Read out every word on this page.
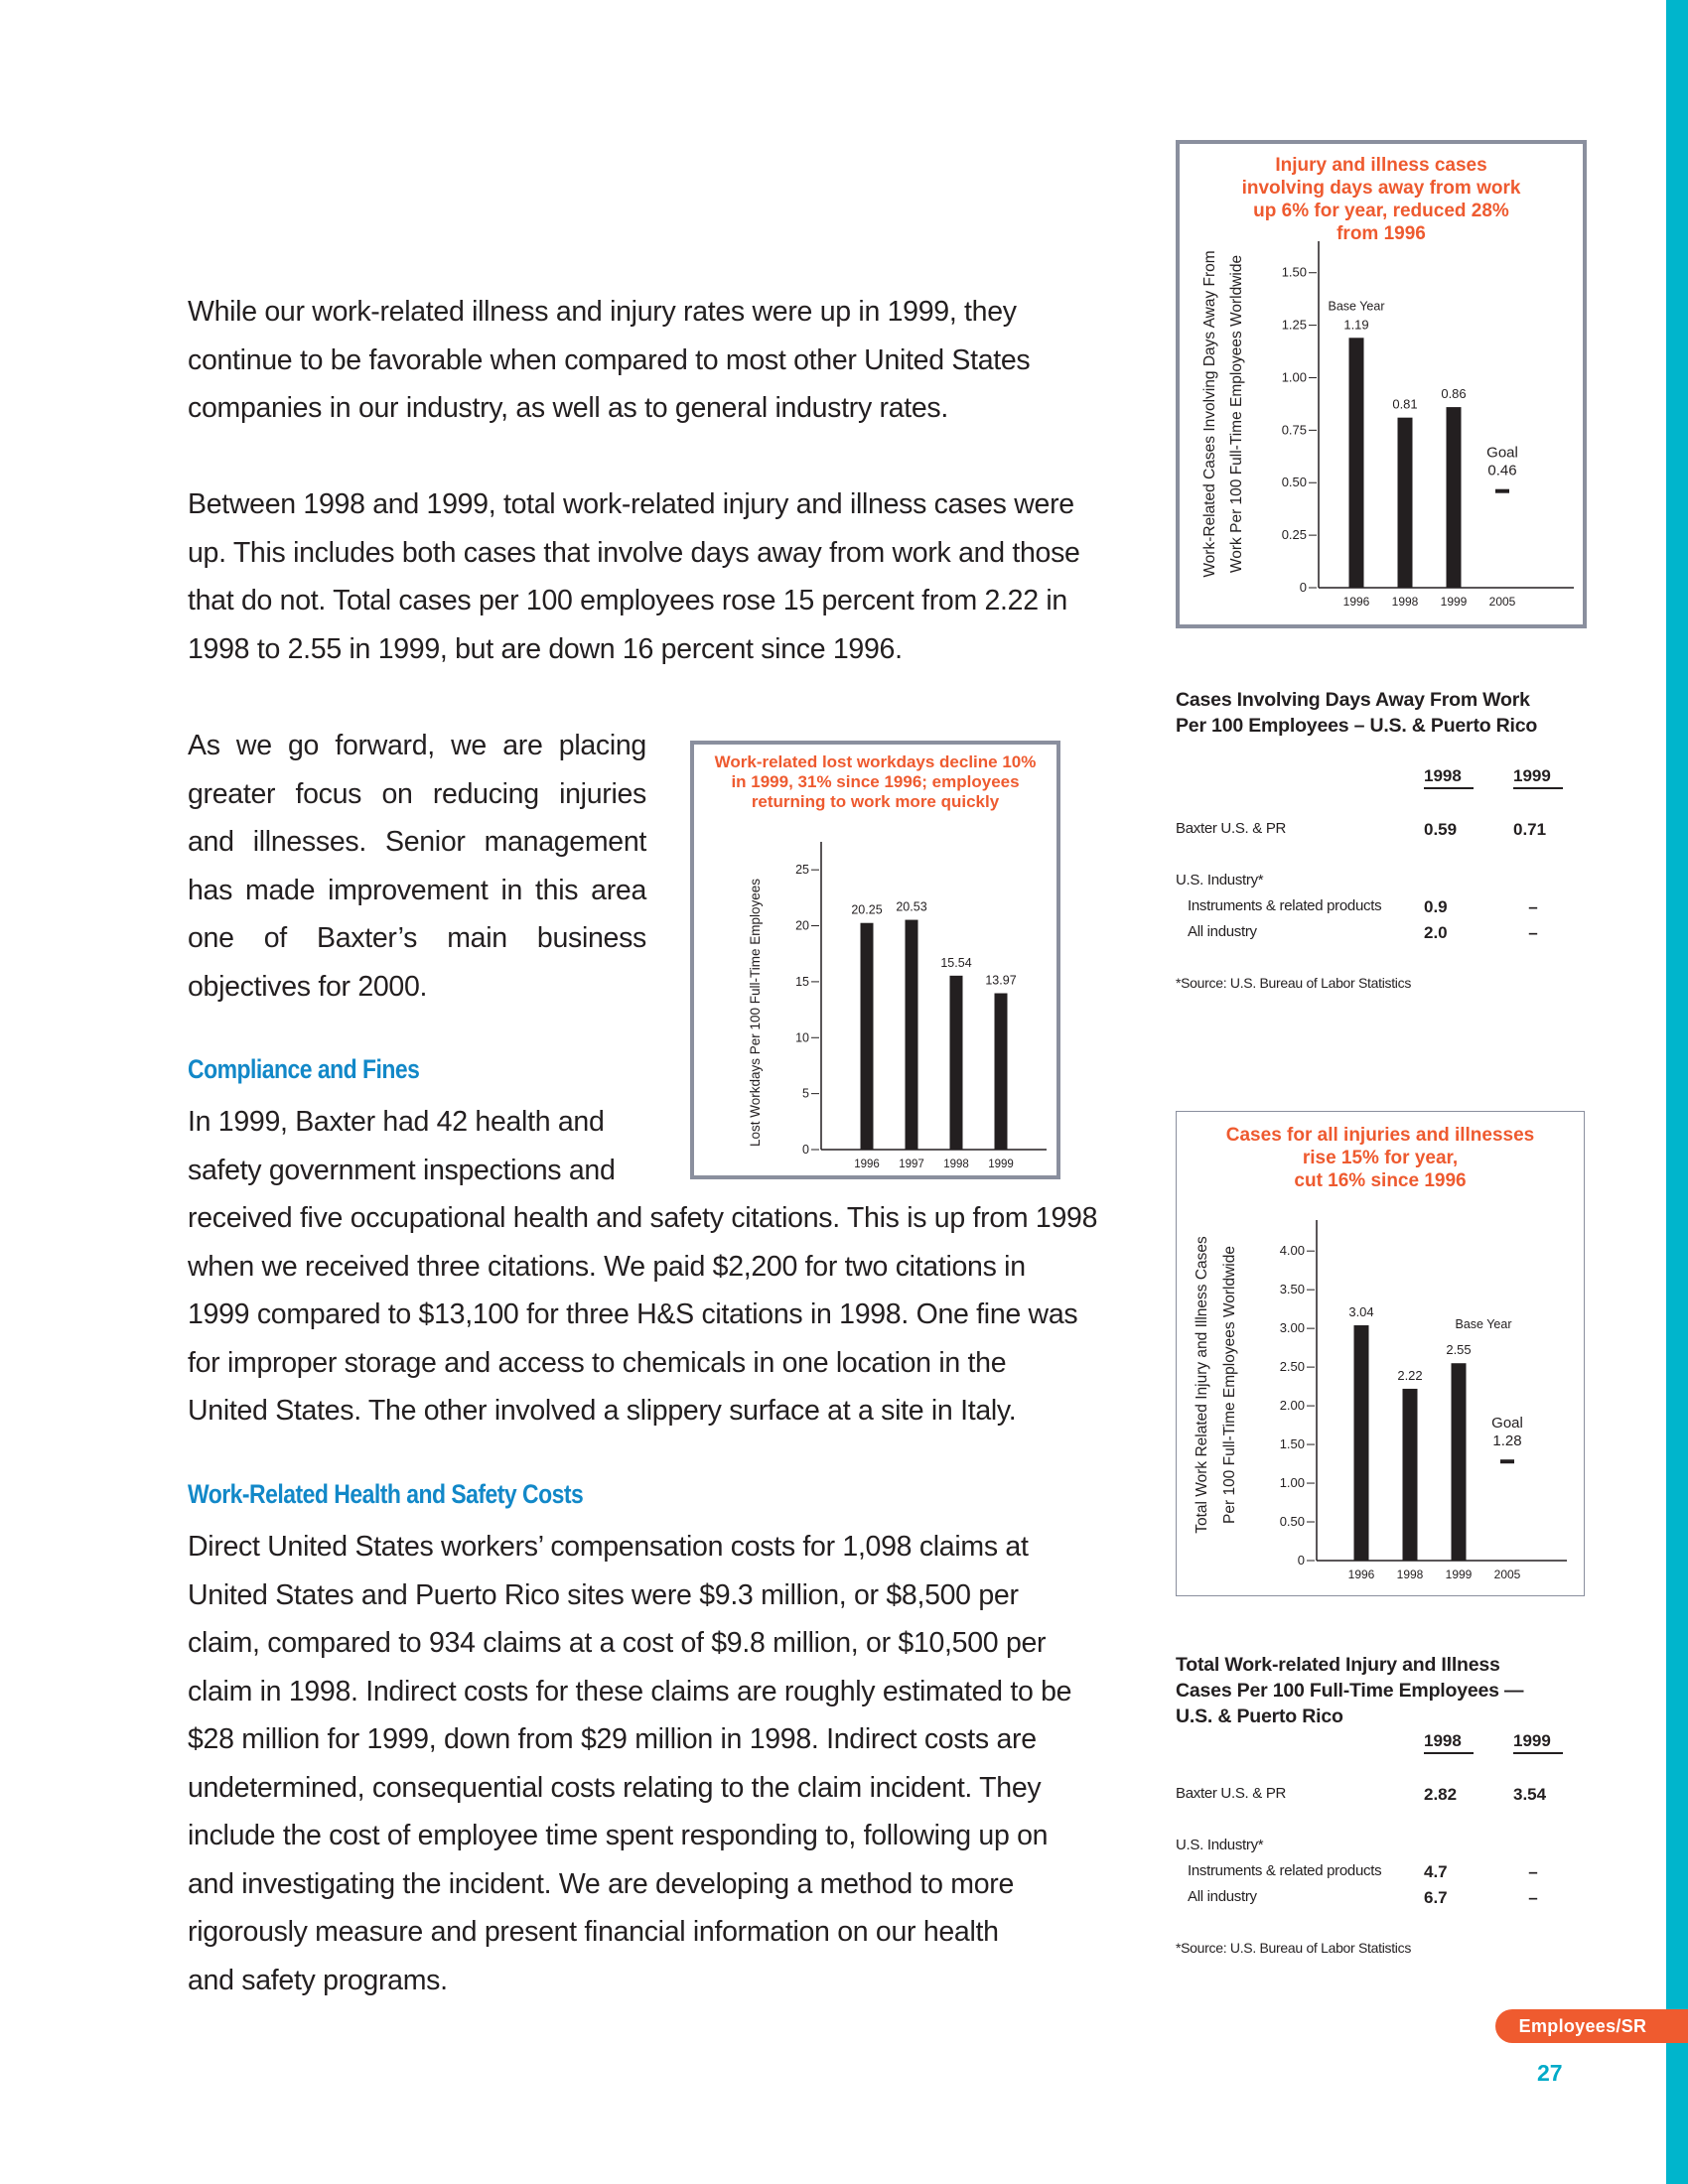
While our work-related illness and injury rates were up in 1999, they
continue to be favorable when compared to most other United States
companies in our industry, as well as to general industry rates.
Between 1998 and 1999, total work-related injury and illness cases were
up. This includes both cases that involve days away from work and those
that do not. Total cases per 100 employees rose 15 percent from 2.22 in
1998 to 2.55 in 1999, but are down 16 percent since 1996.
As we go forward, we are placing
greater focus on reducing injuries
and illnesses. Senior management
has made improvement in this area
one of Baxter’s main business
objectives for 2000.
Compliance and Fines
In 1999, Baxter had 42 health and
safety government inspections and
received five occupational health and safety citations. This is up from 1998
when we received three citations. We paid $2,200 for two citations in
1999 compared to $13,100 for three H&S citations in 1998. One fine was
for improper storage and access to chemicals in one location in the
United States. The other involved a slippery surface at a site in Italy.
Work-Related Health and Safety Costs
Direct United States workers’ compensation costs for 1,098 claims at
United States and Puerto Rico sites were $9.3 million, or $8,500 per
claim, compared to 934 claims at a cost of $9.8 million, or $10,500 per
claim in 1998. Indirect costs for these claims are roughly estimated to be
$28 million for 1999, down from $29 million in 1998. Indirect costs are
undetermined, consequential costs relating to the claim incident. They
include the cost of employee time spent responding to, following up on
and investigating the incident. We are developing a method to more
rigorously measure and present financial information on our health
and safety programs.
Injury and illness cases
involving days away from work
up 6% for year, reduced 28%
from 1996
0
0.25
0.50
0.75
1.00
1.25
1.50
Work-Related Cases Involving Days Away From Work Per 100 Full-Time Employees Worldwide
1996
1.19
Base Year
1998
0.81
1999
0.86
2005
0.46
Goal
Cases Involving Days Away From Work
Per 100 Employees – U.S. & Puerto Rico
1998	1999
Baxter U.S. & PR	0.59	0.71
U.S. Industry*
Instruments & related products	0.9	–
All industry	2.0	–
*Source: U.S. Bureau of Labor Statistics
Work-related lost workdays decline 10%
in 1999, 31% since 1996; employees
returning to work more quickly
0
5
10
15
20
25
Lost Workdays Per 100 Full-Time Employees
1996
20.25
1997
20.53
1998
15.54
1999
13.97
Cases for all injuries and illnesses
rise 15% for year,
cut 16% since 1996
0
0.50
1.00
1.50
2.00
2.50
3.00
3.50
4.00
Total Work Related Injury and Illness Cases Per 100 Full-Time Employees Worldwide
1996
3.04
1998
2.22
1999
2.55
Base Year
2005
1.28
Goal
Total Work-related Injury and Illness
Cases Per 100 Full-Time Employees —
U.S. & Puerto Rico
1998	1999
Baxter U.S. & PR	2.82	3.54
U.S. Industry*
Instruments & related products	4.7	–
All industry	6.7	–
*Source: U.S. Bureau of Labor Statistics
Employees/SR
27
